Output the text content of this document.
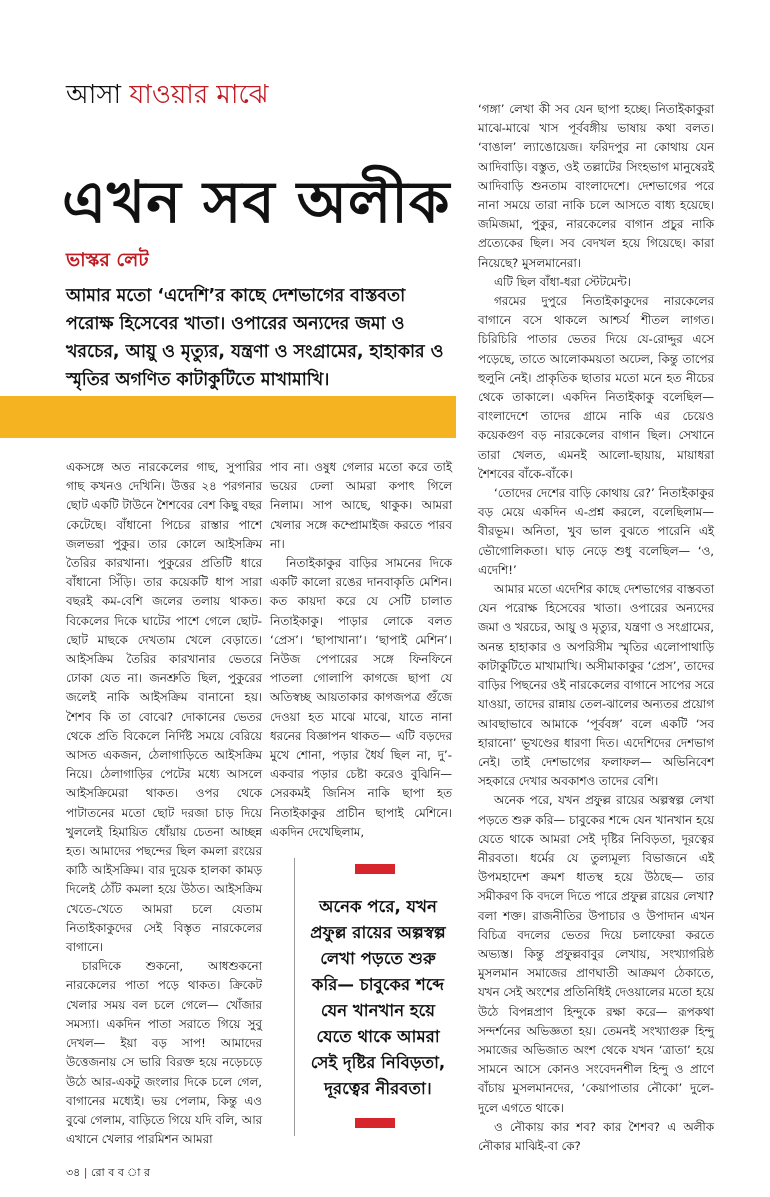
আসা যাওয়ার মাঝে
এখন সব অলীক
ভাস্কর লেট
আমার মতো ‘এদেশি’র কাছে দেশভাগের বাস্তবতা পরোক্ষ হিসেবের খাতা। ওপারের অন্যদের জমা ও খরচের, আয়ু ও মৃত্যুর, যন্ত্রণা ও সংগ্রামের, হাহাকার ও স্মৃতির অগণিত কাটাকুটিতে মাখামাখি।

একসঙ্গে অত নারকেলের গাছ, সুপারির গাছ কখনও দেখিনি। উত্তর ২৪ পরগনার ছোট একটি টাউনে শৈশবের বেশ কিছু বছর কেটেছে। বাঁধানো পিচের রাস্তার পাশে জলভরা পুকুর। তার কোলে আইসক্রিম তৈরির কারখানা। পুকুরের প্রতিটি ধারে বাঁধানো সিঁড়ি। তার কয়েকটি ধাপ সারা বছরই কম-বেশি জলের তলায় থাকত। বিকেলের দিকে ঘাটের পাশে গেলে ছোট-ছোট মাছকে দেখতাম খেলে বেড়াতে। আইসক্রিম তৈরির কারখানার ভেতরে ঢোকা যেত না। জনশ্রুতি ছিল, পুকুরের জলেই নাকি আইসক্রিম বানানো হয়। শৈশব কি তা বোঝে? দোকানের ভেতর থেকে প্রতি বিকেলে নির্দিষ্ট সময়ে বেরিয়ে আসত একজন, ঠেলাগাড়িতে আইসক্রিম নিয়ে। ঠেলাগাড়ির পেটের মধ্যে আসলে আইসক্রিমেরা থাকত। ওপর থেকে পাটাতনের মতো ছোট দরজা চাড় দিয়ে খুললেই হিমায়িত ধোঁয়ায় চেতনা আচ্ছন্ন হত। আমাদের পছন্দের ছিল কমলা রংয়ের কাঠি আইসক্রিম। বার দুয়েক হালকা কামড় দিলেই ঠোঁট কমলা হয়ে উঠত। আইসক্রিম খেতে-খেতে আমরা চলে যেতাম নিতাইকাকুদের সেই বিস্তৃত নারকেলের বাগানে।

চারদিকে শুকনো, আধশুকনো নারকেলের পাতা পড়ে থাকত। ক্রিকেট খেলার সময় বল চলে গেলে— খোঁজার সমস্যা। একদিন পাতা সরাতে গিয়ে সুবু দেখল— ইয়া বড় সাপ! আমাদের উত্তেজনায় সে ভারি বিরক্ত হয়ে নড়েচড়ে উঠে আর-একটু জংলার দিকে চলে গেল, বাগানের মধ্যেই। ভয় পেলাম, কিন্তু এও বুঝে গেলাম, বাড়িতে গিয়ে যদি বলি, আর এখানে খেলার পারমিশন আমরা

পাব না। ওষুধ গেলার মতো করে তাই ভয়ের ঢেলা আমরা কপাৎ গিলে নিলাম। সাপ আছে, থাকুক। আমরা খেলার সঙ্গে কম্প্রোমাইজ করতে পারব না।

নিতাইকাকুর বাড়ির সামনের দিকে একটি কালো রঙের দানবাকৃতি মেশিন। কত কায়দা করে যে সেটি চালাত নিতাইকাকু। পাড়ার লোকে বলত ‘প্রেস’। ‘ছাপাখানা’। ‘ছাপাই মেশিন’। নিউজ পেপারের সঙ্গে ফিনফিনে পাতলা গোলাপি কাগজে ছাপা যে অতিস্বচ্ছ আয়তাকার কাগজপত্র গুঁজে দেওয়া হত মাঝে মাঝে, যাতে নানা ধরনের বিজ্ঞাপন থাকত— এটি বড়দের মুখে শোনা, পড়ার ধৈর্য ছিল না, দু’-একবার পড়ার চেষ্টা করেও বুঝিনি— সেরকমই জিনিস নাকি ছাপা হত নিতাইকাকুর প্রাচীন ছাপাই মেশিনে। একদিন দেখেছিলাম,

অনেক পরে, যখন প্রফুল্ল রায়ের অল্পস্বল্প লেখা পড়তে শুরু করি— চাবুকের শব্দে যেন খানখান হয়ে যেতে থাকে আমরা সেই দৃষ্টির নিবিড়তা, দূরত্বের নীরবতা।

‘গঙ্গা’ লেখা কী সব যেন ছাপা হচ্ছে। নিতাইকাকুরা মাঝে-মাঝে খাস পূর্ববঙ্গীয় ভাষায় কথা বলত। ‘বাঙাল’ ল্যাঙোয়েজ। ফরিদপুর না কোথায় যেন আদিবাড়ি। বস্তুত, ওই তল্লাটের সিংহভাগ মানুষেরই আদিবাড়ি শুনতাম বাংলাদেশে। দেশভাগের পরে নানা সময়ে তারা নাকি চলে আসতে বাধ্য হয়েছে। জমিজমা, পুকুর, নারকেলের বাগান প্রচুর নাকি প্রত্যেকের ছিল। সব বেদখল হয়ে গিয়েছে। কারা নিয়েছে? মুসলমানেরা।

এটি ছিল বাঁধা-ধরা স্টেটমেন্ট।

গরমের দুপুরে নিতাইকাকুদের নারকেলের বাগানে বসে থাকলে আশ্চর্য শীতল লাগত। চিরিচিরি পাতার ভেতর দিয়ে যে-রোদ্দুর এসে পড়েছে, তাতে আলোকময়তা অঢেল, কিন্তু তাপের হুলুনি নেই। প্রাকৃতিক ছাতার মতো মনে হত নীচের থেকে তাকালে। একদিন নিতাইকাকু বলেছিল— বাংলাদেশে তাদের গ্রামে নাকি এর চেয়েও কয়েকগুণ বড় নারকেলের বাগান ছিল। সেখানে তারা খেলত, এমনই আলো-ছায়ায়, মায়াধরা শৈশবের বাঁকে-বাঁকে।

‘তোদের দেশের বাড়ি কোথায় রে?’ নিতাইকাকুর বড় মেয়ে একদিন এ-প্রশ্ন করলে, বলেছিলাম— বীরভূম। অনিতা, খুব ভাল বুঝতে পারেনি এই ভৌগোলিকতা। ঘাড় নেড়ে শুধু বলেছিল— ‘ও, এদেশি!’

আমার মতো এদেশির কাছে দেশভাগের বাস্তবতা যেন পরোক্ষ হিসেবের খাতা। ওপারের অন্যদের জমা ও খরচের, আয়ু ও মৃত্যুর, যন্ত্রণা ও সংগ্রামের, অনন্ত হাহাকার ও অপরিসীম স্মৃতির এলোপাথাড়ি কাটাকুটিতে মাখামাখি। অসীমাকাকুর ‘প্রেস’, তাদের বাড়ির পিছনের ওই নারকেলের বাগানে সাপের সরে যাওয়া, তাদের রান্নায় তেল-ঝালের অন্যতর প্রয়োগ আবছাভাবে আমাকে ‘পূর্ববঙ্গ’ বলে একটি ‘সব হারানো’ ভূখণ্ডের ধারণা দিত। এদেশিদের দেশভাগ নেই। তাই দেশভাগের ফলাফল— অভিনিবেশ সহকারে দেখার অবকাশও তাদের বেশি।

অনেক পরে, যখন প্রফুল্ল রায়ের অল্পস্বল্প লেখা পড়তে শুরু করি— চাবুকের শব্দে যেন খানখান হয়ে যেতে থাকে আমরা সেই দৃষ্টির নিবিড়তা, দূরত্বের নীরবতা। ধর্মের যে তুল্যমূল্য বিভাজনে এই উপমহাদেশ ক্রমশ ধাতস্থ হয়ে উঠছে— তার সমীকরণ কি বদলে দিতে পারে প্রফুল্ল রায়ের লেখা? বলা শক্ত। রাজনীতির উপাচার ও উপাদান এখন বিচিত্র বদলের ভেতর দিয়ে চলাফেরা করতে অভ্যস্ত। কিন্তু প্রফুল্লবাবুর লেখায়, সংখ্যাগরিষ্ঠ মুসলমান সমাজের প্রাণঘাতী আক্রমণ ঠেকাতে, যখন সেই অংশের প্রতিনিধিই দেওয়ালের মতো হয়ে উঠে বিপন্নপ্রাণ হিন্দুকে রক্ষা করে— রূপকথা সন্দর্শনের অভিজ্ঞতা হয়। তেমনই সংখ্যাগুরু হিন্দু সমাজের অভিজাত অংশ থেকে যখন ‘ত্রাতা’ হয়ে সামনে আসে কোনও সংবেদনশীল হিন্দু ও প্রাণে বাঁচায় মুসলমানদের, ‘কেয়াপাতার নৌকো’ দুলে-দুলে এগতে থাকে।

ও নৌকায় কার শব? কার শৈশব? এ অলীক নৌকার মাঝিই-বা কে?

৩৪ | রো ব ব া র
